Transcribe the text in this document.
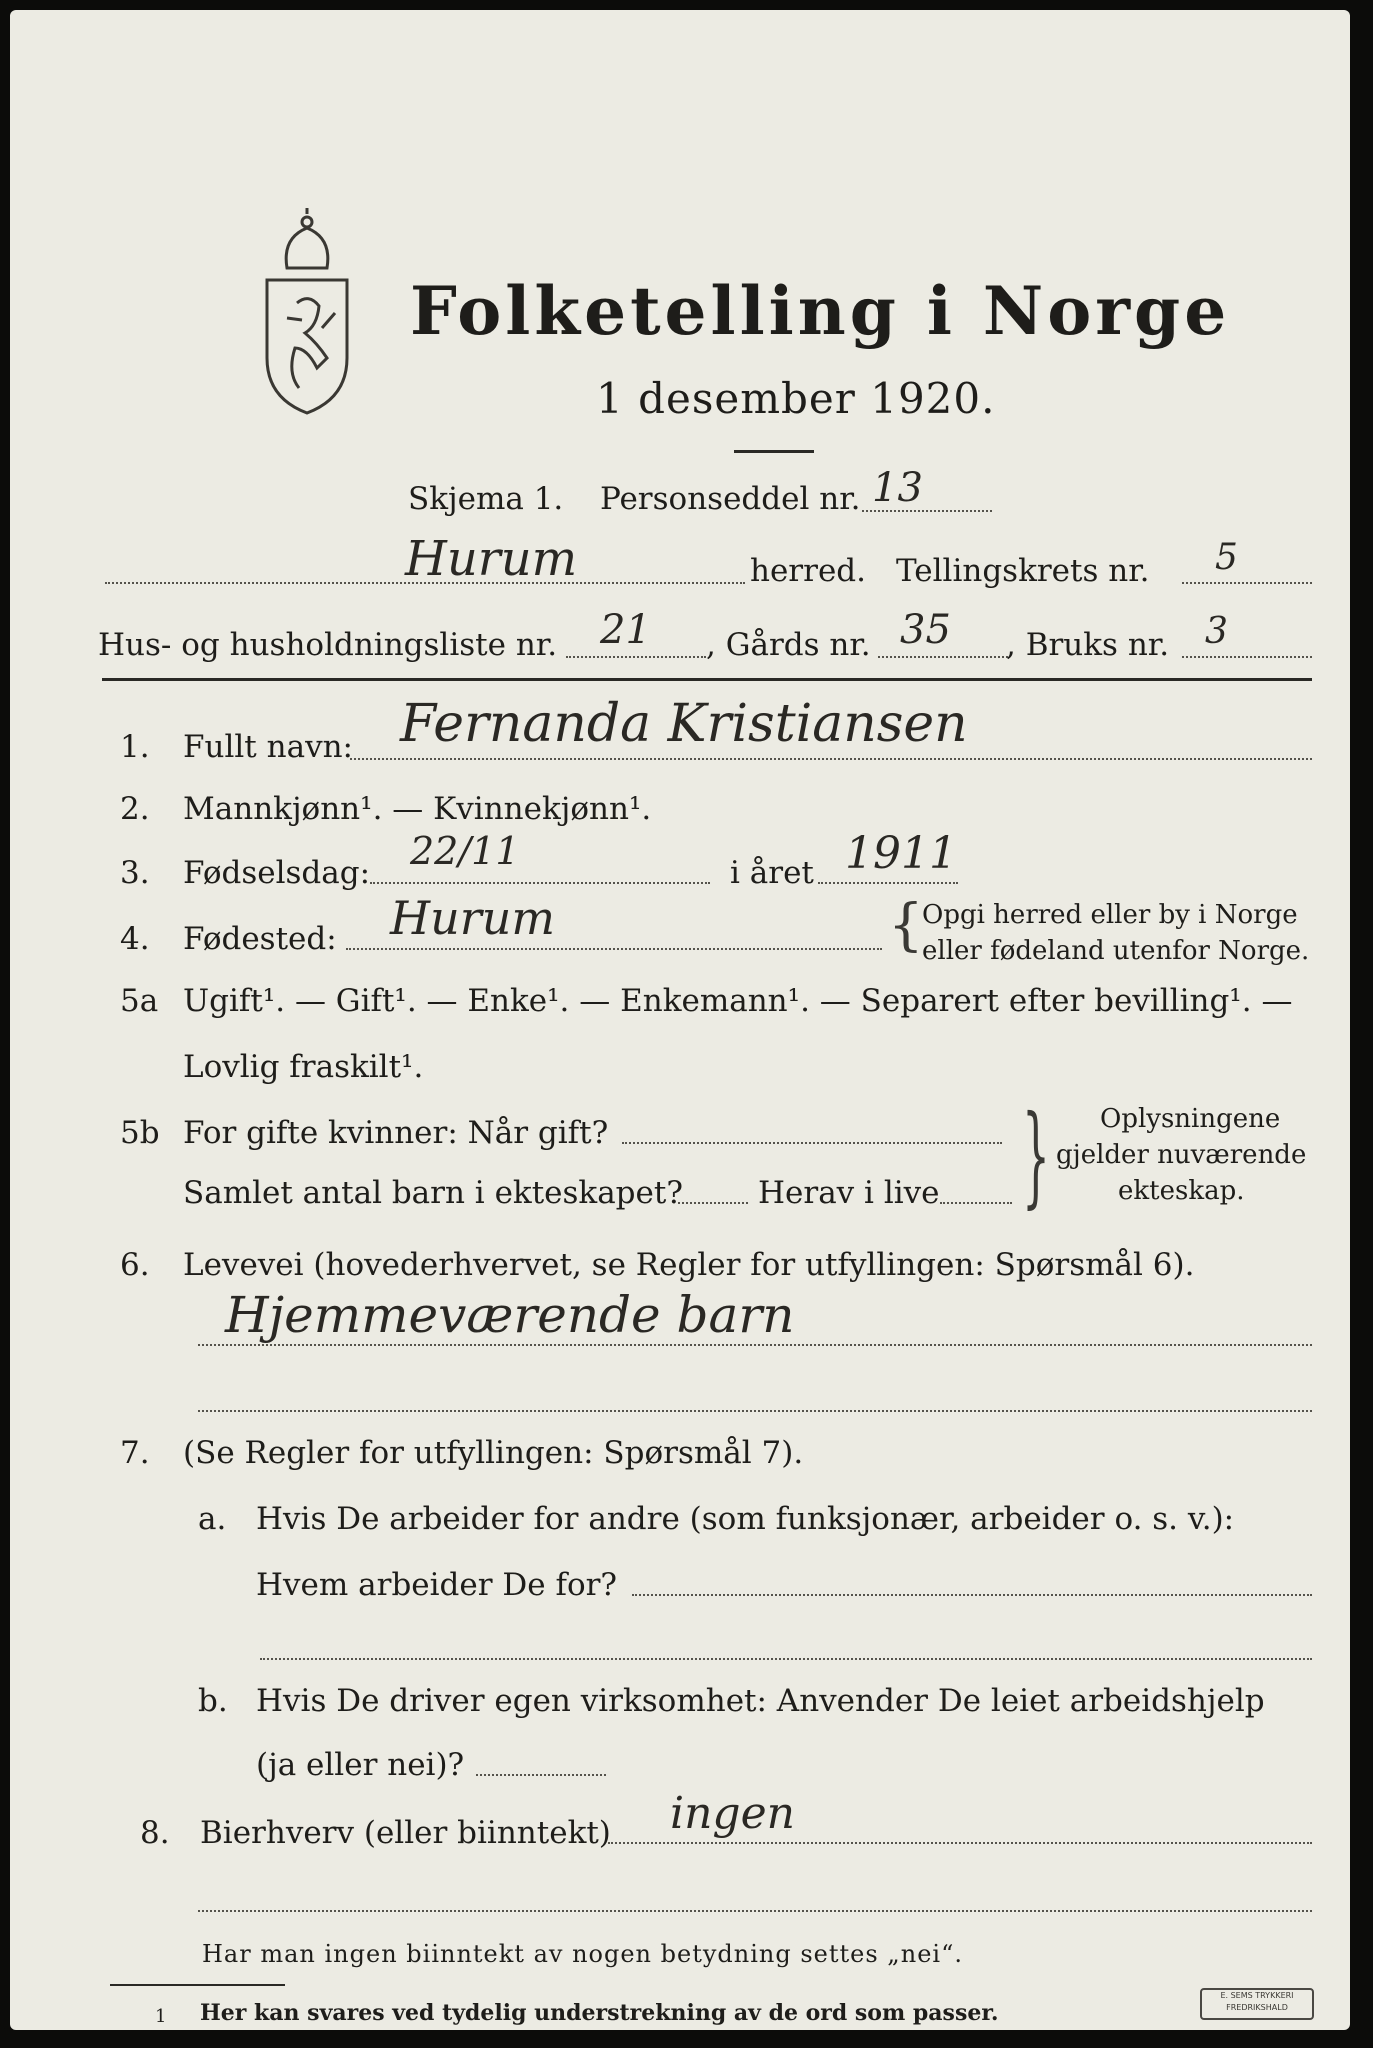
Folketelling i Norge
1 desember 1920.
Skjema 1. Personseddel nr. 13
Hurum	herred. Tellingskrets nr. 5
Hus- og husholdningsliste nr. 21 , Gårds nr. 35 , Bruks nr. 3
1. Fullt navn: Fernanda Kristiansen
2. Mannkjønn¹. — Kvinnekjønn¹.
3. Fødselsdag: 22/11	i året 1911
4. Fødested: Hurum	{
Opgi herred eller by i Norge
eller fødeland utenfor Norge.
5a Ugift¹. — Gift¹. — Enke¹. — Enkemann¹. — Separert efter bevilling¹. —
Lovlig fraskilt¹.
5b For gifte kvinner: Når gift?
Samlet antal barn i ekteskapet? Herav i live } Oplysningene
gjelder nuværende
ekteskap.
6. Levevei (hovederhvervet, se Regler for utfyllingen: Spørsmål 6).
Hjemmeværende barn
7. (Se Regler for utfyllingen: Spørsmål 7).
a. Hvis De arbeider for andre (som funksjonær, arbeider o. s. v.):
Hvem arbeider De for?
b. Hvis De driver egen virksomhet: Anvender De leiet arbeidshjelp
(ja eller nei)?
8. Bierhverv (eller biinntekt) ingen
Har man ingen biinntekt av nogen betydning settes „nei“.
1 Her kan svares ved tydelig understrekning av de ord som passer.
E. SEMS TRYKKERI FREDRIKSHALD
